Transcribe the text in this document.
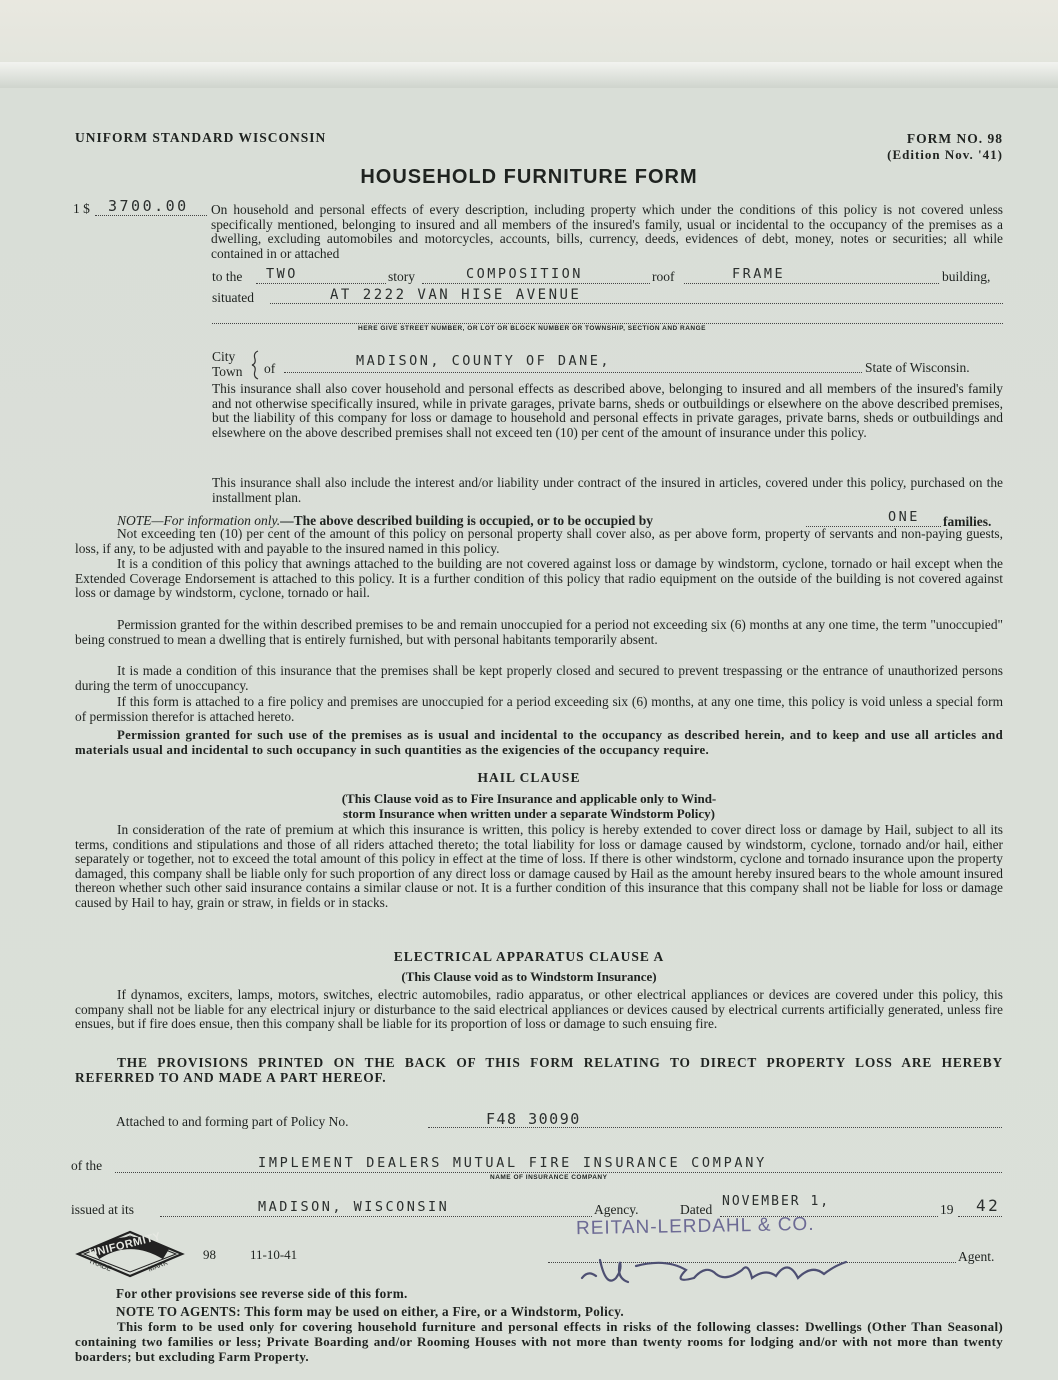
UNIFORM STANDARD WISCONSIN	FORM NO. 98
(Edition Nov. '41)
HOUSEHOLD FURNITURE FORM
1 $ 3700.00 On household and personal effects of every description, including property which under the conditions of this policy is not covered unless specifically mentioned, belonging to insured and all members of the insured's family, usual or incidental to the occupancy of the premises as a dwelling, excluding automobiles and motorcycles, accounts, bills, currency, deeds, evidences of debt, money, notes or securities; all while contained in or attached
to the TWO	story	COMPOSITION	roof	FRAME	building,
situated	AT 2222 VAN HISE AVENUE
HERE GIVE STREET NUMBER, OR LOT OR BLOCK NUMBER OR TOWNSHIP, SECTION AND RANGE
City
Town of	MADISON, COUNTY OF DANE,	State of Wisconsin.
This insurance shall also cover household and personal effects as described above, belonging to insured and all members of the insured's family and not otherwise specifically insured, while in private garages, private barns, sheds or outbuildings or elsewhere on the above described premises, but the liability of this company for loss or damage to household and personal effects in private garages, private barns, sheds or outbuildings and elsewhere on the above described premises shall not exceed ten (10) per cent of the amount of insurance under this policy.
This insurance shall also include the interest and/or liability under contract of the insured in articles, covered under this policy, purchased on the installment plan.
NOTE—For information only.—The above described building is occupied, or to be occupied by	ONE families.
Not exceeding ten (10) per cent of the amount of this policy on personal property shall cover also, as per above form, property of servants and non-paying guests, loss, if any, to be adjusted with and payable to the insured named in this policy.
It is a condition of this policy that awnings attached to the building are not covered against loss or damage by windstorm, cyclone, tornado or hail except when the Extended Coverage Endorsement is attached to this policy. It is a further condition of this policy that radio equipment on the outside of the building is not covered against loss or damage by windstorm, cyclone, tornado or hail.
Permission granted for the within described premises to be and remain unoccupied for a period not exceeding six (6) months at any one time, the term "unoccupied" being construed to mean a dwelling that is entirely furnished, but with personal habitants temporarily absent.
It is made a condition of this insurance that the premises shall be kept properly closed and secured to prevent trespassing or the entrance of unauthorized persons during the term of unoccupancy.
If this form is attached to a fire policy and premises are unoccupied for a period exceeding six (6) months, at any one time, this policy is void unless a special form of permission therefor is attached hereto.
Permission granted for such use of the premises as is usual and incidental to the occupancy as described herein, and to keep and use all articles and materials usual and incidental to such occupancy in such quantities as the exigencies of the occupancy require.
HAIL CLAUSE
(This Clause void as to Fire Insurance and applicable only to Wind-
storm Insurance when written under a separate Windstorm Policy)
In consideration of the rate of premium at which this insurance is written, this policy is hereby extended to cover direct loss or damage by Hail, subject to all its terms, conditions and stipulations and those of all riders attached thereto; the total liability for loss or damage caused by windstorm, cyclone, tornado and/or hail, either separately or together, not to exceed the total amount of this policy in effect at the time of loss. If there is other windstorm, cyclone and tornado insurance upon the property damaged, this company shall be liable only for such proportion of any direct loss or damage caused by Hail as the amount hereby insured bears to the whole amount insured thereon whether such other said insurance contains a similar clause or not. It is a further condition of this insurance that this company shall not be liable for loss or damage caused by Hail to hay, grain or straw, in fields or in stacks.
ELECTRICAL APPARATUS CLAUSE A
(This Clause void as to Windstorm Insurance)
If dynamos, exciters, lamps, motors, switches, electric automobiles, radio apparatus, or other electrical appliances or devices are covered under this policy, this company shall not be liable for any electrical injury or disturbance to the said electrical appliances or devices caused by electrical currents artificially generated, unless fire ensues, but if fire does ensue, then this company shall be liable for its proportion of loss or damage to such ensuing fire.
THE PROVISIONS PRINTED ON THE BACK OF THIS FORM RELATING TO DIRECT PROPERTY LOSS ARE HEREBY REFERRED TO AND MADE A PART HEREOF.
Attached to and forming part of Policy No.	F48 30090
of the	IMPLEMENT DEALERS MUTUAL FIRE INSURANCE COMPANY
NAME OF INSURANCE COMPANY
issued at its	MADISON, WISCONSIN	Agency.	Dated
NOVEMBER 1,
19 42
REITAN-LERDAHL & CO.
Agent.
UNIFORMITY
TRADE	MARK
98	11-10-41
For other provisions see reverse side of this form.
NOTE TO AGENTS: This form may be used on either, a Fire, or a Windstorm, Policy.
This form to be used only for covering household furniture and personal effects in risks of the following classes: Dwellings (Other Than Seasonal) containing two families or less; Private Boarding and/or Rooming Houses with not more than twenty rooms for lodging and/or with not more than twenty boarders; but excluding Farm Property.
